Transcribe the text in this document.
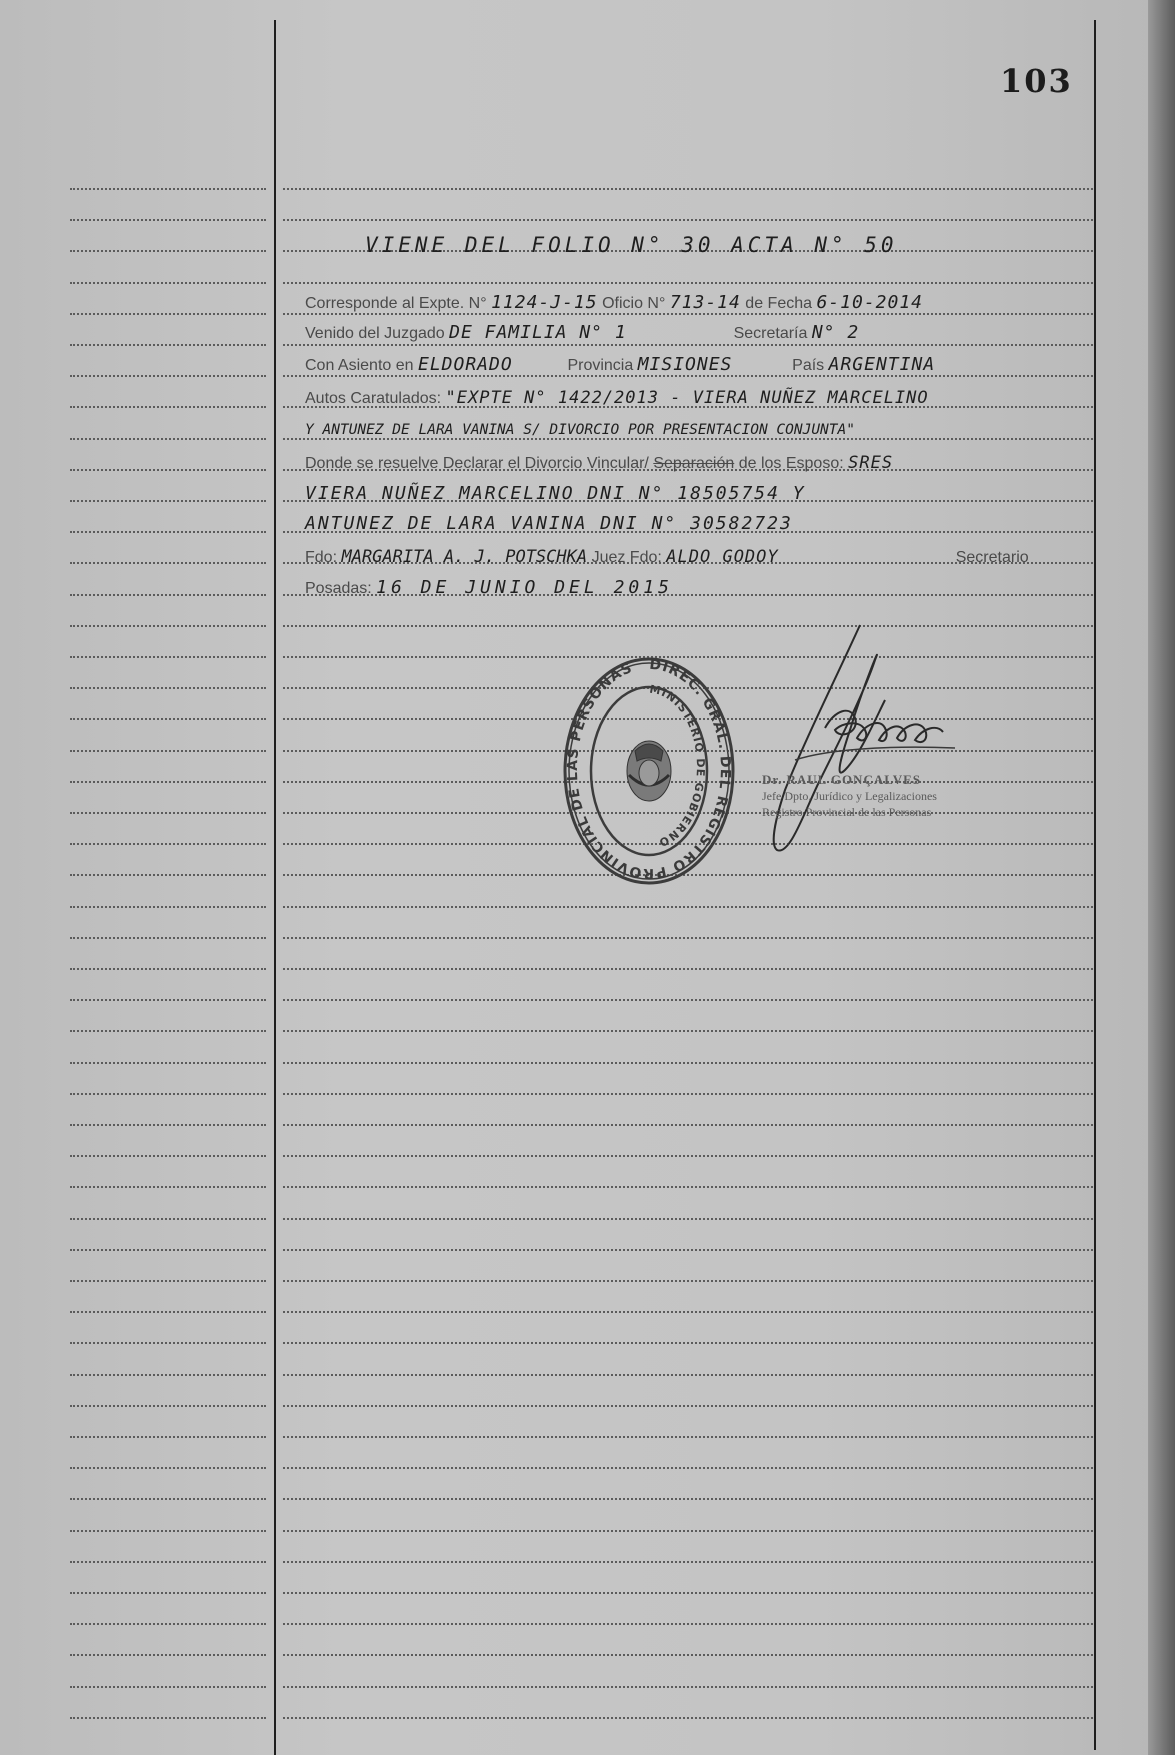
103
VIENE DEL FOLIO N° 30 ACTA N° 50
Corresponde al Expte. N° 1124-J-15 Oficio N° 713-14 de Fecha 6-10-2014
Venido del Juzgado DE FAMILIA N° 1	Secretaría N° 2
Con Asiento en ELDORADO	Provincia MISIONES	País ARGENTINA
Autos Caratulados: "EXPTE N° 1422/2013 - VIERA NUÑEZ MARCELINO
Y ANTUNEZ DE LARA VANINA S/ DIVORCIO POR PRESENTACION CONJUNTA"
Donde se resuelve Declarar el Divorcio Vincular/ Separación de los Esposo: SRES
VIERA NUÑEZ MARCELINO DNI N° 18505754 Y
ANTUNEZ DE LARA VANINA DNI N° 30582723
Fdo: MARGARITA A. J. POTSCHKA Juez Fdo: ALDO GODOY	Secretario
Posadas: 16 DE JUNIO DEL 2015
DIREC. GRAL. DEL REGISTRO PROVINCIAL DE LAS PERSONAS
MINISTERIO DE GOBIERNO
Dr. RAUL GONÇALVES
Jefe Dpto. Jurídico y Legalizaciones
Registro Provincial de las Personas
